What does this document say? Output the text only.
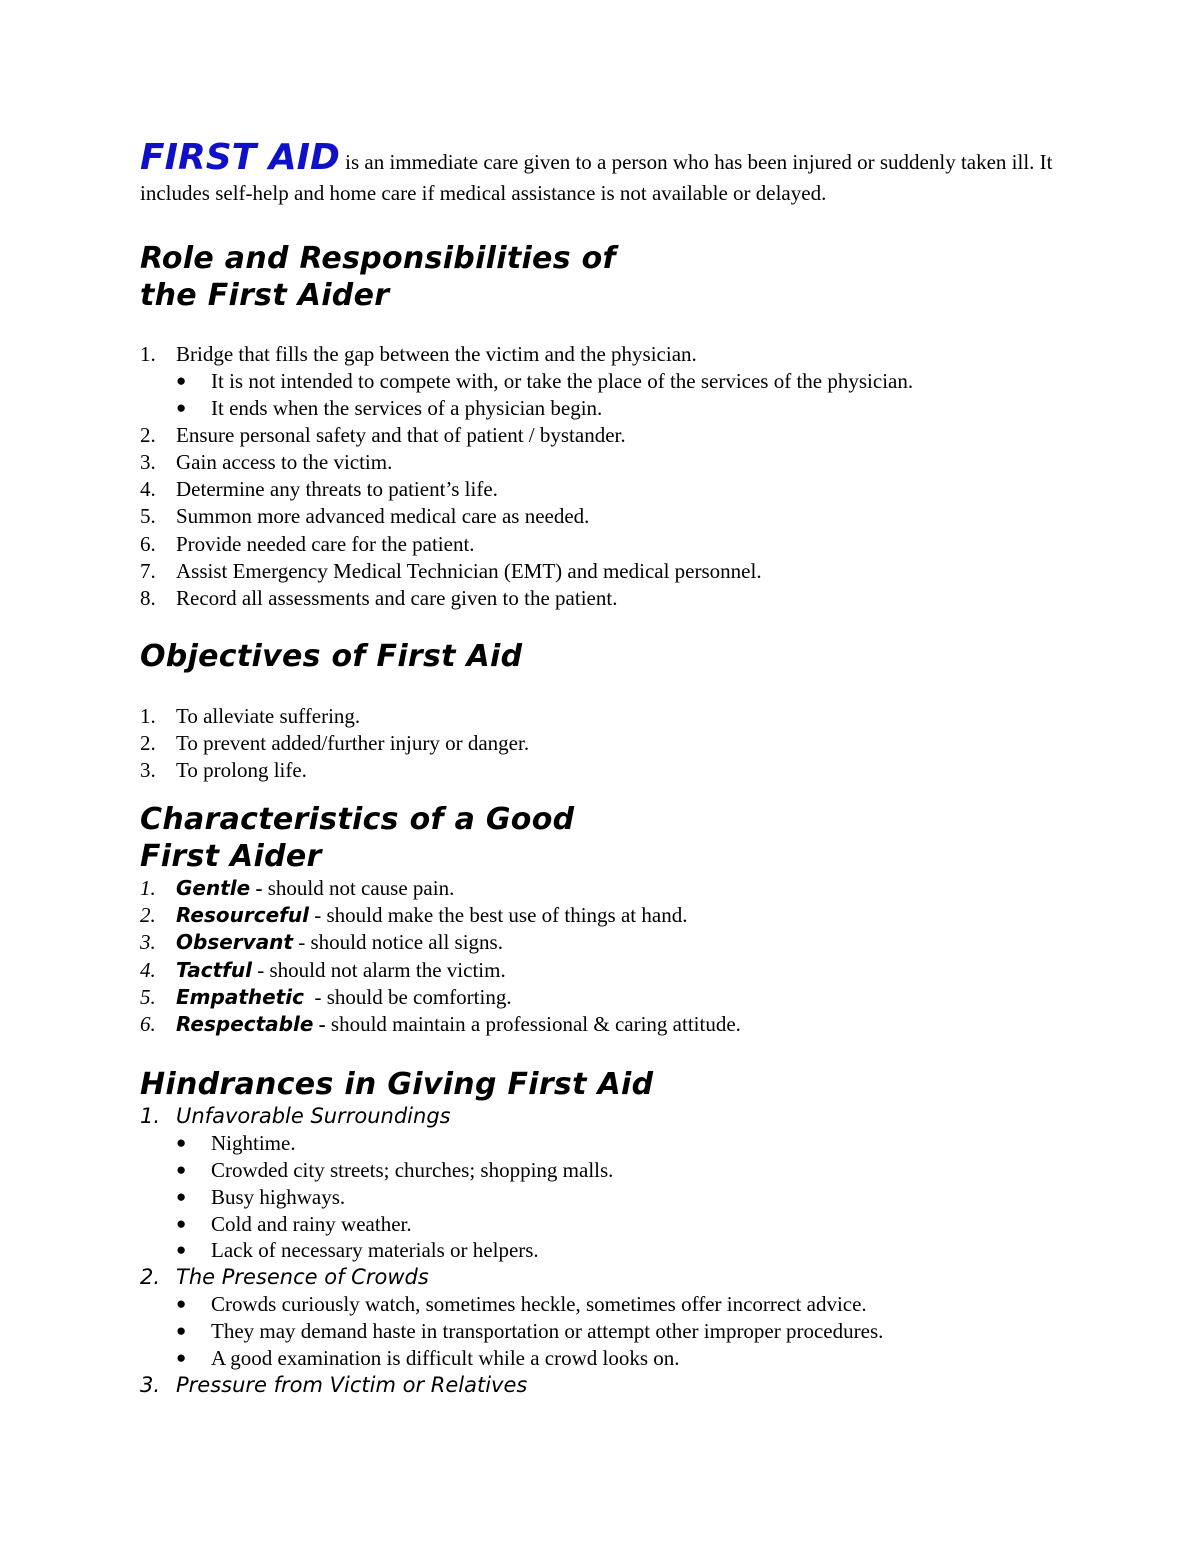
FIRST AID is an immediate care given to a person who has been injured or suddenly taken ill. It includes self-help and home care if medical assistance is not available or delayed.

Role and Responsibilities of
the First Aider
1. Bridge that fills the gap between the victim and the physician.
● It is not intended to compete with, or take the place of the services of the physician.
● It ends when the services of a physician begin.
2. Ensure personal safety and that of patient / bystander.
3. Gain access to the victim.
4. Determine any threats to patient’s life.
5. Summon more advanced medical care as needed.
6. Provide needed care for the patient.
7. Assist Emergency Medical Technician (EMT) and medical personnel.
8. Record all assessments and care given to the patient.
Objectives of First Aid
1. To alleviate suffering.
2. To prevent added/further injury or danger.
3. To prolong life.
Characteristics of a Good
First Aider
1.	Gentle - should not cause pain.
2.	Resourceful - should make the best use of things at hand.
3.	Observant - should notice all signs.
4.	Tactful - should not alarm the victim.
5.	Empathetic  - should be comforting.
6.	Respectable - should maintain a professional & caring attitude.
Hindrances in Giving First Aid
1. Unfavorable Surroundings
● Nightime.
● Crowded city streets; churches; shopping malls.
● Busy highways.
● Cold and rainy weather.
● Lack of necessary materials or helpers.
2. The Presence of Crowds
● Crowds curiously watch, sometimes heckle, sometimes offer incorrect advice.
● They may demand haste in transportation or attempt other improper procedures.
● A good examination is difficult while a crowd looks on.
3. Pressure from Victim or Relatives
